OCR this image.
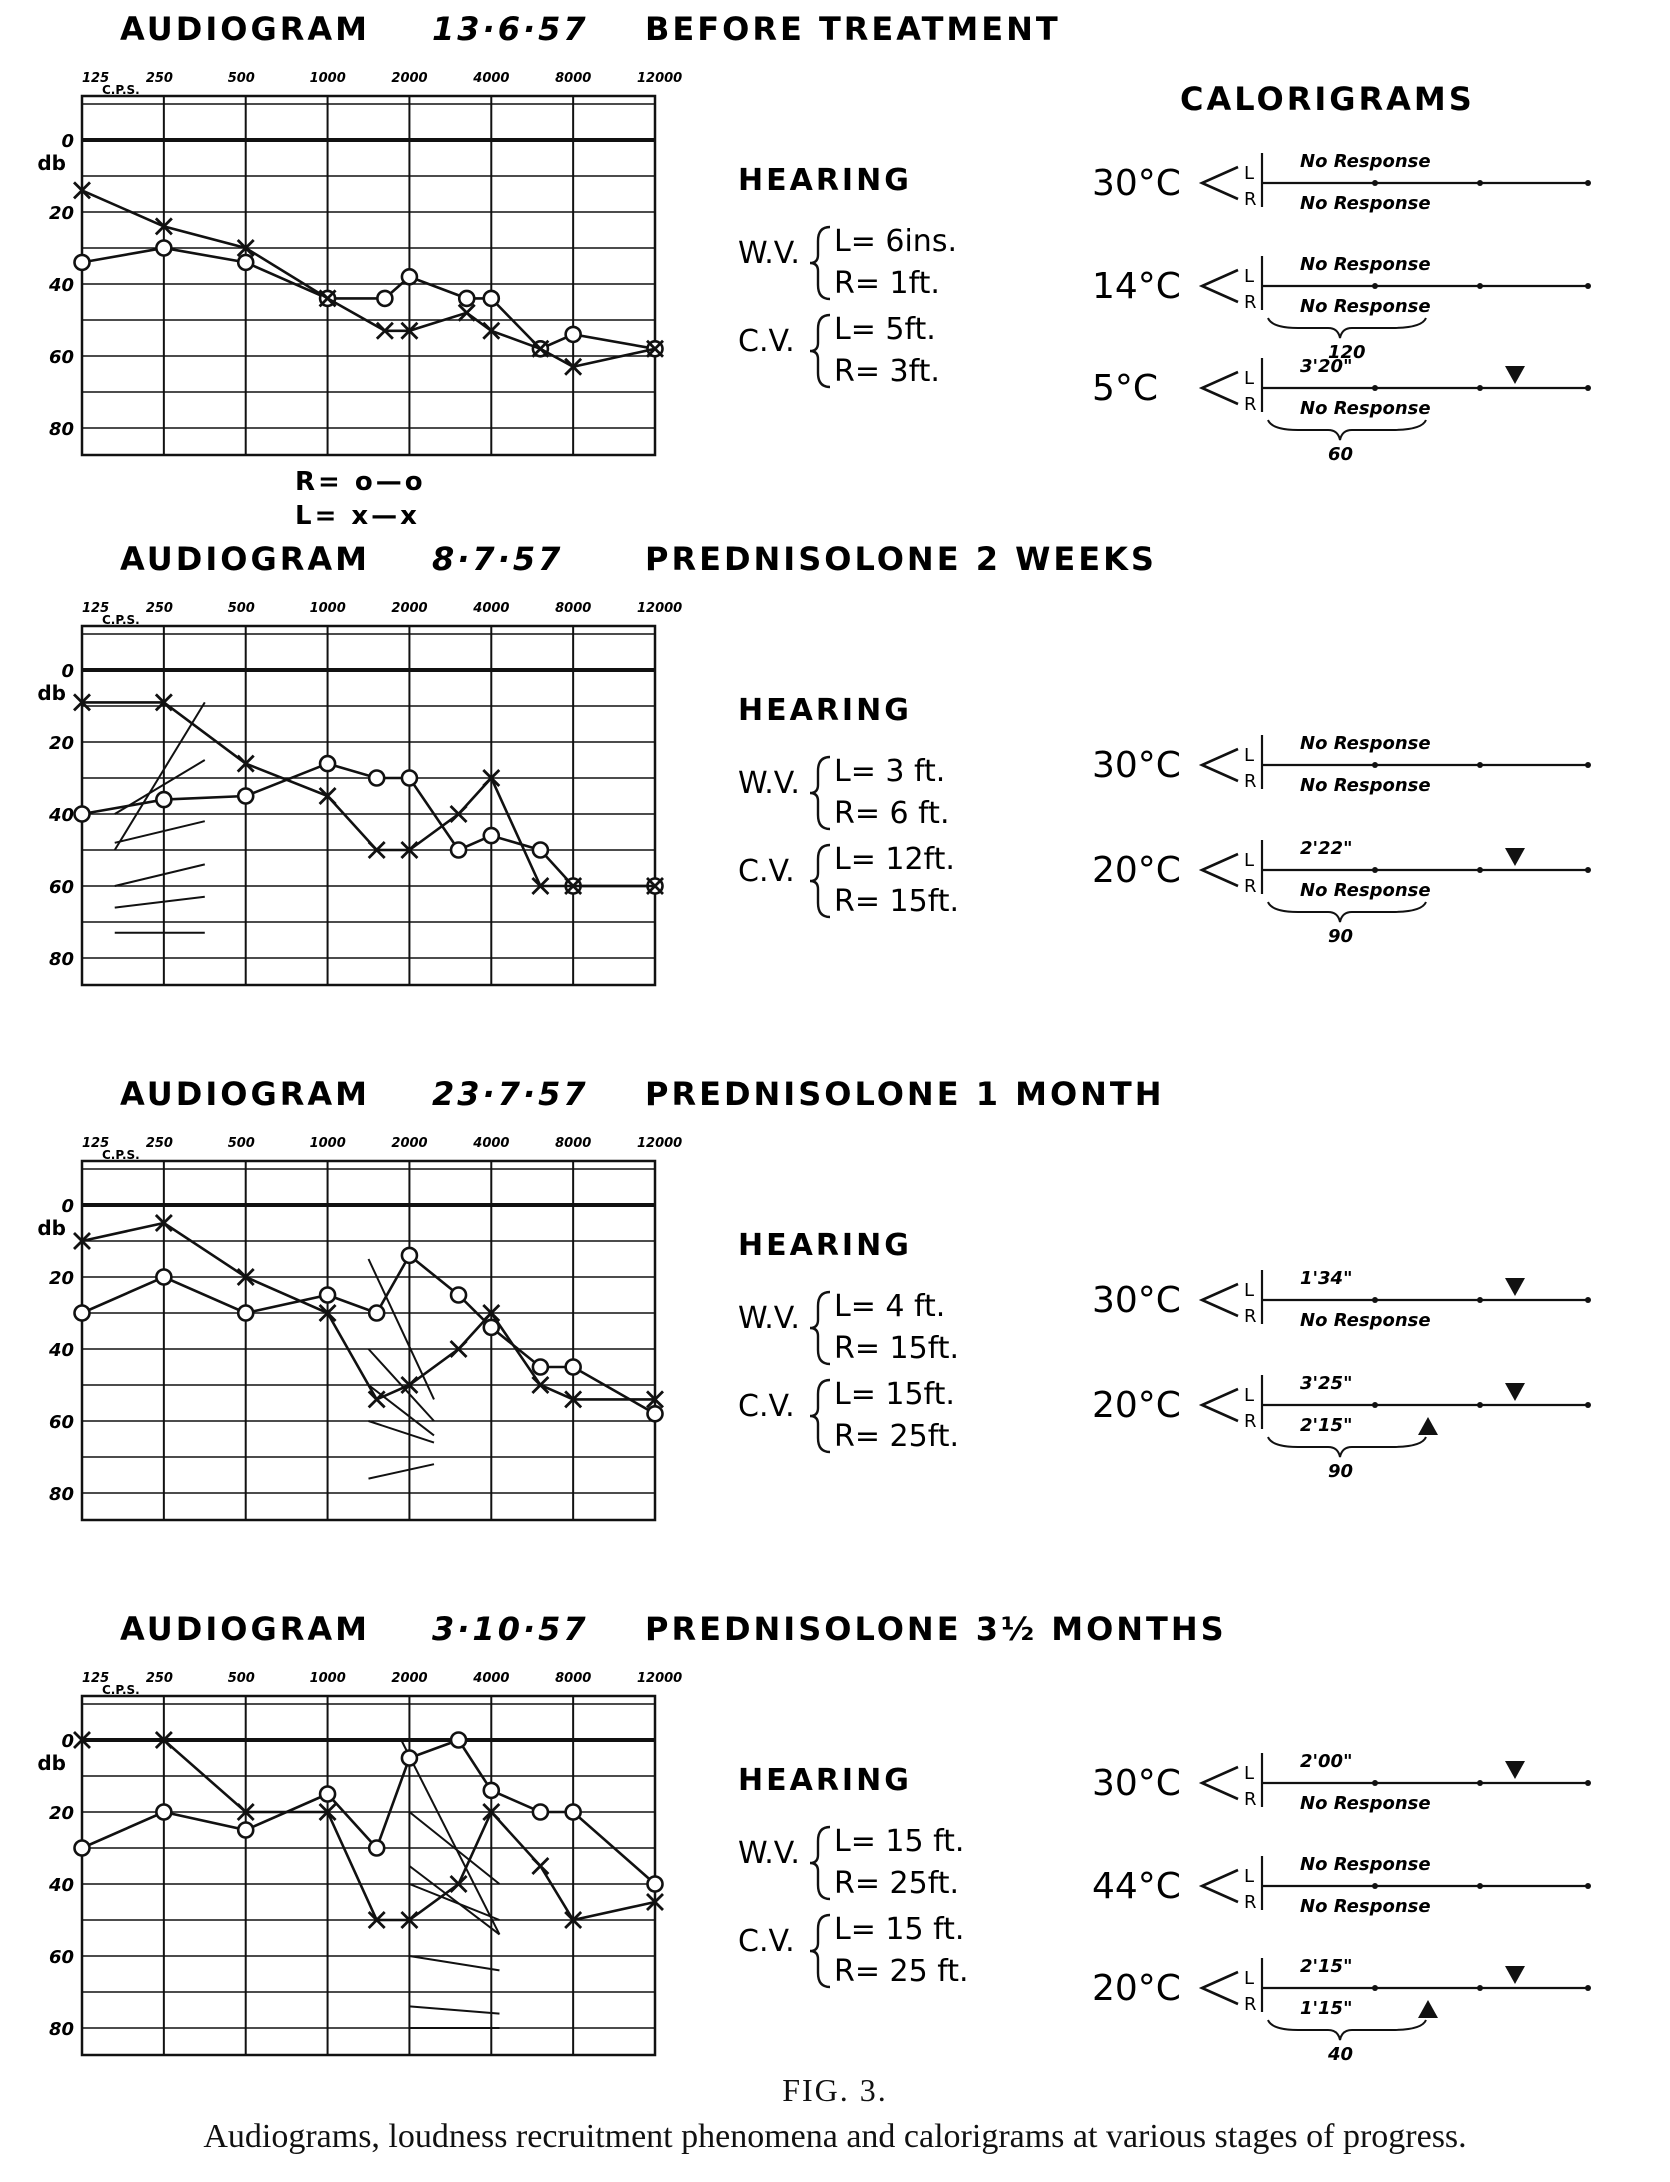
CALORIGRAMS
AUDIOGRAM 13·6·57 BEFORE TREATMENT
125	250	500	1000	2000	4000	8000	12000
C.P.S.
0
20
40
60
80
db	HEARING
W.V. L= 6ins.
R= 1ft.
C.V. L= 5ft.
R= 3ft.
30°C	L
R
No Response
No Response
14°C	L
R
No Response
No Response
120
5°C	L
R
3'20"
No Response
60
AUDIOGRAM 8·7·57	PREDNISOLONE 2 WEEKS
125	250	500	1000	2000	4000	8000	12000
C.P.S.
0
20
40
60
80
db	HEARING
W.V. L= 3 ft.
R= 6 ft.
C.V. L= 12ft.
R= 15ft.
30°C	L
R
No Response
No Response
20°C	L
R
2'22"
No Response
90
AUDIOGRAM 23·7·57 PREDNISOLONE 1 MONTH
125	250	500	1000	2000	4000	8000	12000
C.P.S.
0
20
40
60
80
db	HEARING
W.V. L= 4 ft.
R= 15ft.
C.V. L= 15ft.
R= 25ft.
30°C	L
R
1'34"
No Response
20°C	L
R
3'25"
2'15"
90
AUDIOGRAM 3·10·57 PREDNISOLONE 3½ MONTHS
125	250	500	1000	2000	4000	8000	12000
C.P.S.
0
20
40
60
80
db	HEARING
W.V. L= 15 ft.
R= 25ft.
C.V. L= 15 ft.
R= 25 ft.
30°C	L
R
2'00"
No Response
44°C	L
R
No Response
No Response
20°C	L
R
2'15"
1'15"
40
R= o—o
L= x—x
FIG. 3.
Audiograms, loudness recruitment phenomena and calorigrams at various stages of progress.
